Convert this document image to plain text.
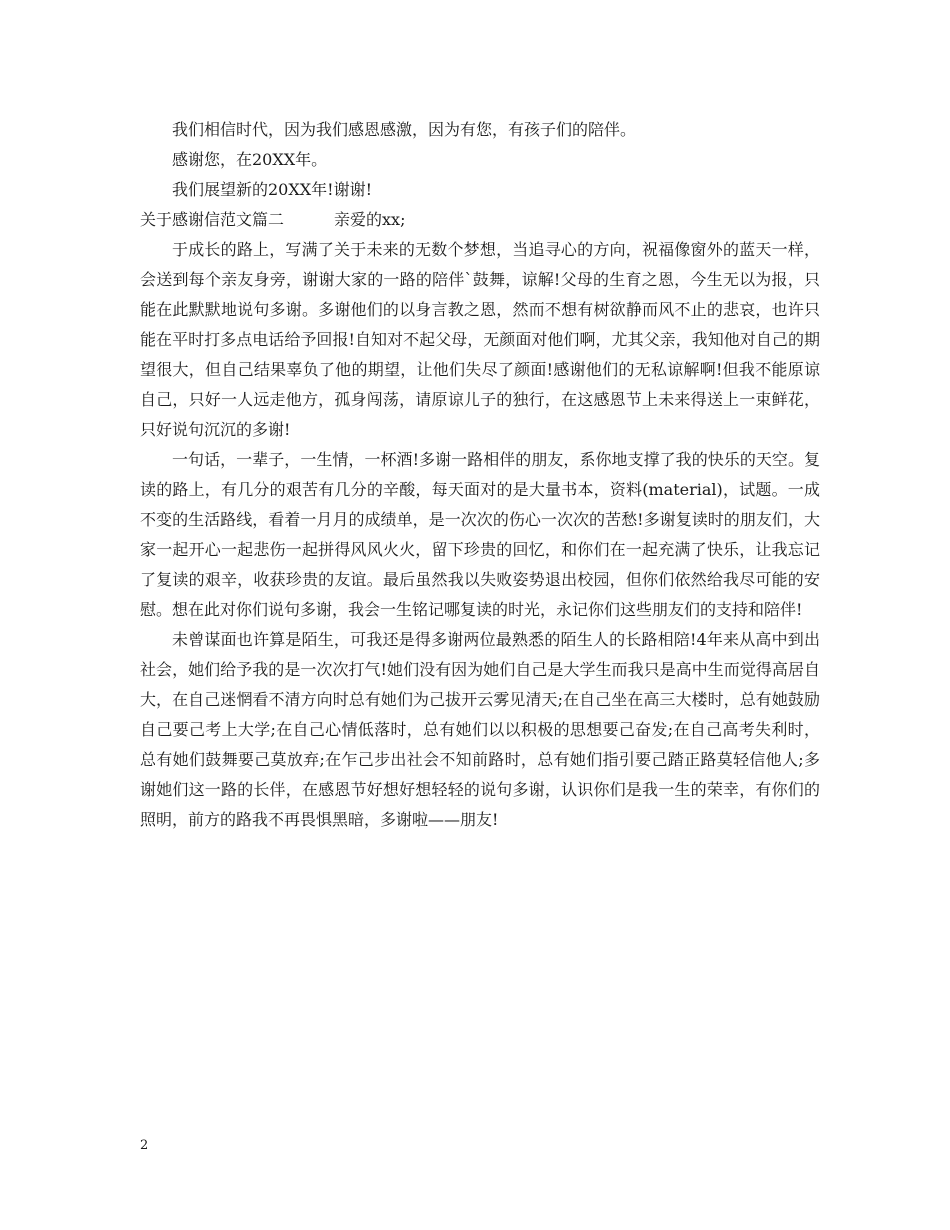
我们相信时代，因为我们感恩感激，因为有您，有孩子们的陪伴。

感谢您，在20XX年。

我们展望新的20XX年!谢谢!

关于感谢信范文篇二	亲爱的xx;

于成长的路上，写满了关于未来的无数个梦想，当追寻心的方向，祝福像窗外的蓝天一样，会送到每个亲友身旁，谢谢大家的一路的陪伴`鼓舞，谅解!父母的生育之恩，今生无以为报，只能在此默默地说句多谢。多谢他们的以身言教之恩，然而不想有树欲静而风不止的悲哀，也许只能在平时打多点电话给予回报!自知对不起父母，无颜面对他们啊，尤其父亲，我知他对自己的期望很大，但自己结果辜负了他的期望，让他们失尽了颜面!感谢他们的无私谅解啊!但我不能原谅自己，只好一人远走他方，孤身闯荡，请原谅儿子的独行，在这感恩节上未来得送上一束鲜花，只好说句沉沉的多谢!

一句话，一辈子，一生情，一杯酒!多谢一路相伴的朋友，系你地支撑了我的快乐的天空。复读的路上，有几分的艰苦有几分的辛酸，每天面对的是大量书本，资料(material)，试题。一成不变的生活路线，看着一月月的成绩单，是一次次的伤心一次次的苦愁!多谢复读时的朋友们，大家一起开心一起悲伤一起拼得风风火火，留下珍贵的回忆，和你们在一起充满了快乐，让我忘记了复读的艰辛，收获珍贵的友谊。最后虽然我以失败姿势退出校园，但你们依然给我尽可能的安慰。想在此对你们说句多谢，我会一生铭记哪复读的时光，永记你们这些朋友们的支持和陪伴!

未曾谋面也许算是陌生，可我还是得多谢两位最熟悉的陌生人的长路相陪!4年来从高中到出社会，她们给予我的是一次次打气!她们没有因为她们自己是大学生而我只是高中生而觉得高居自大，在自己迷惘看不清方向时总有她们为己拔开云雾见清天;在自己坐在高三大楼时，总有她鼓励自己要己考上大学;在自己心情低落时，总有她们以以积极的思想要己奋发;在自己高考失利时，总有她们鼓舞要己莫放弃;在乍己步出社会不知前路时，总有她们指引要己踏正路莫轻信他人;多谢她们这一路的长伴，在感恩节好想好想轻轻的说句多谢，认识你们是我一生的荣幸，有你们的照明，前方的路我不再畏惧黑暗，多谢啦——朋友!

2
